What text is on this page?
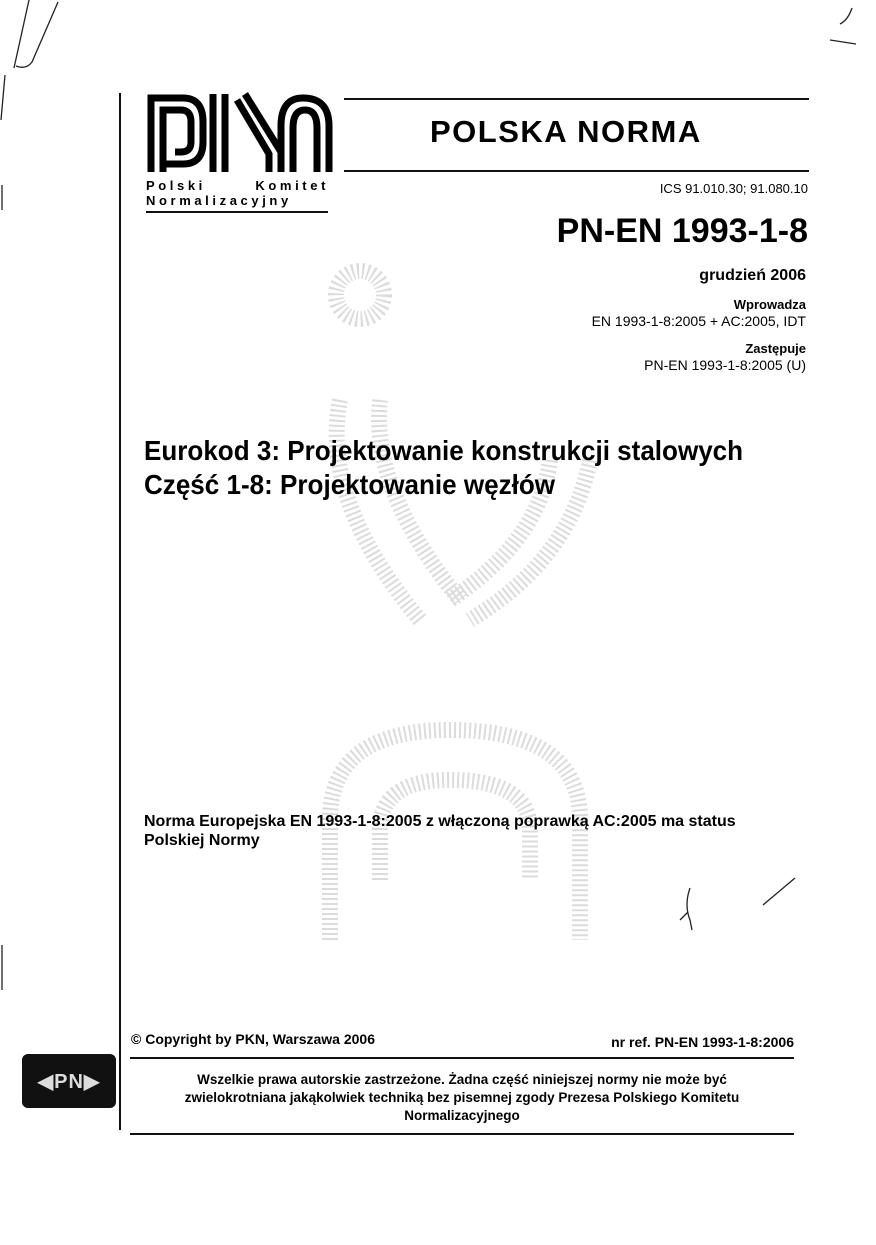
Polski	Komitet
Normalizacyjny
POLSKA NORMA
ICS 91.010.30; 91.080.10
PN-EN 1993-1-8
grudzień 2006
Wprowadza
EN 1993-1-8:2005 + AC:2005, IDT
Zastępuje
PN-EN 1993-1-8:2005 (U)
Eurokod 3: Projektowanie konstrukcji stalowych
Część 1-8: Projektowanie węzłów
Norma Europejska EN 1993-1-8:2005 z włączoną poprawką AC:2005 ma status
Polskiej Normy
© Copyright by PKN, Warszawa 2006	nr ref. PN-EN 1993-1-8:2006
Wszelkie prawa autorskie zastrzeżone. Żadna część niniejszej normy nie może być
zwielokrotniana jakąkolwiek techniką bez pisemnej zgody Prezesa Polskiego Komitetu
Normalizacyjnego
◀PN▶
